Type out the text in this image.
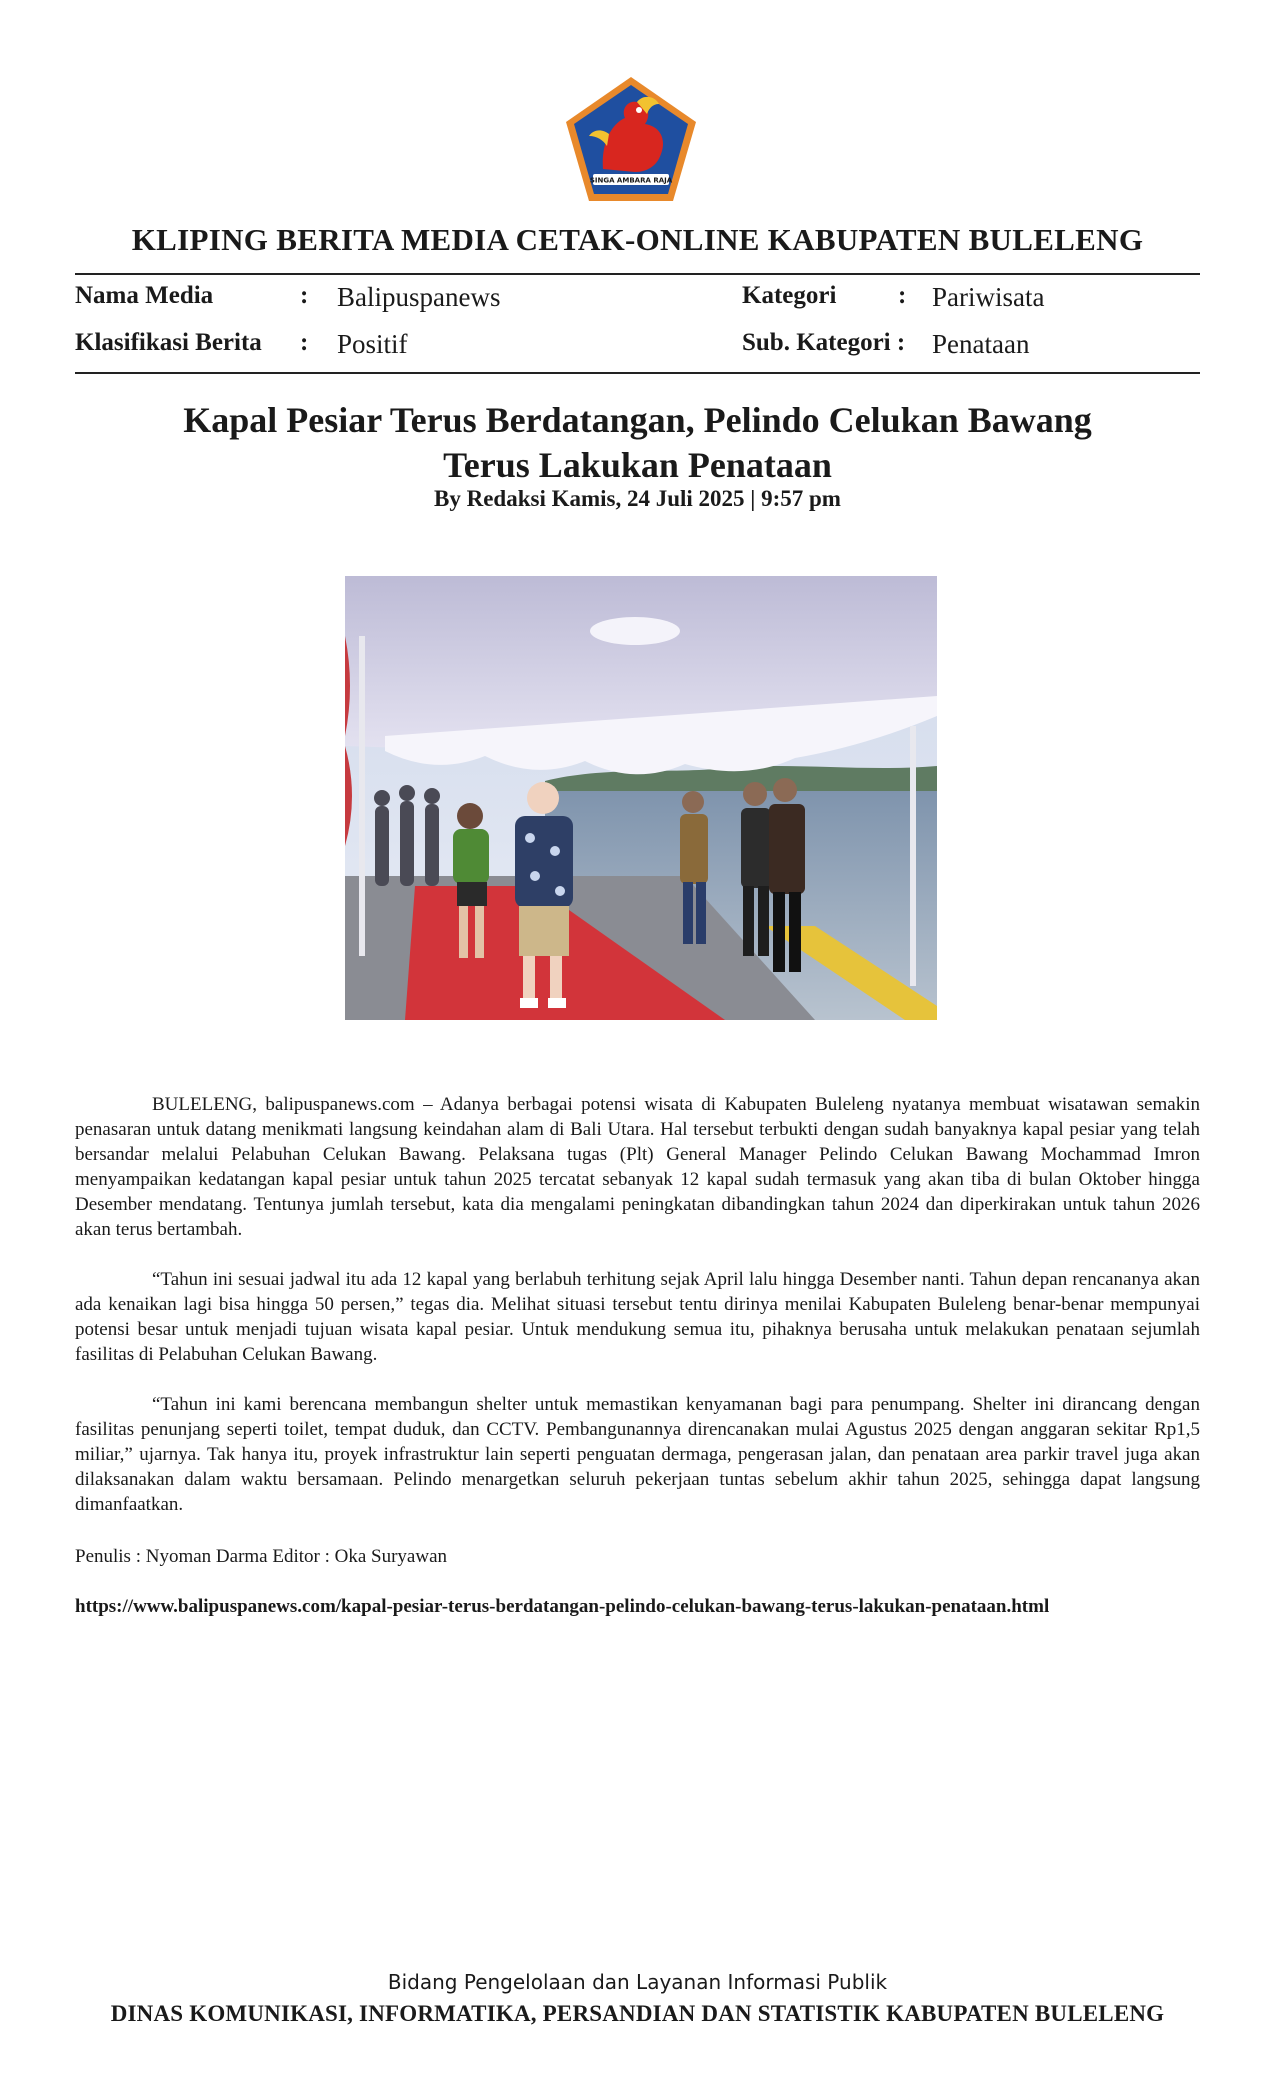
SINGA AMBARA RAJA
KLIPING BERITA MEDIA CETAK-ONLINE KABUPATEN BULELENG
Nama Media	: Balipuspanews	Kategori : Pariwisata
Klasifikasi Berita : Positif	Sub. Kategori : Penataan
Kapal Pesiar Terus Berdatangan, Pelindo Celukan Bawang
Terus Lakukan Penataan
By Redaksi Kamis, 24 Juli 2025 | 9:57 pm

BULELENG, balipuspanews.com – Adanya berbagai potensi wisata di Kabupaten Buleleng nyatanya membuat wisatawan semakin penasaran untuk datang menikmati langsung keindahan alam di Bali Utara. Hal tersebut terbukti dengan sudah banyaknya kapal pesiar yang telah bersandar melalui Pelabuhan Celukan Bawang. Pelaksana tugas (Plt) General Manager Pelindo Celukan Bawang Mochammad Imron menyampaikan kedatangan kapal pesiar untuk tahun 2025 tercatat sebanyak 12 kapal sudah termasuk yang akan tiba di bulan Oktober hingga Desember mendatang. Tentunya jumlah tersebut, kata dia mengalami peningkatan dibandingkan tahun 2024 dan diperkirakan untuk tahun 2026 akan terus bertambah.

“Tahun ini sesuai jadwal itu ada 12 kapal yang berlabuh terhitung sejak April lalu hingga Desember nanti. Tahun depan rencananya akan ada kenaikan lagi bisa hingga 50 persen,” tegas dia. Melihat situasi tersebut tentu dirinya menilai Kabupaten Buleleng benar-benar mempunyai potensi besar untuk menjadi tujuan wisata kapal pesiar. Untuk mendukung semua itu, pihaknya berusaha untuk melakukan penataan sejumlah fasilitas di Pelabuhan Celukan Bawang.

“Tahun ini kami berencana membangun shelter untuk memastikan kenyamanan bagi para penumpang. Shelter ini dirancang dengan fasilitas penunjang seperti toilet, tempat duduk, dan CCTV. Pembangunannya direncanakan mulai Agustus 2025 dengan anggaran sekitar Rp1,5 miliar,” ujarnya. Tak hanya itu, proyek infrastruktur lain seperti penguatan dermaga, pengerasan jalan, dan penataan area parkir travel juga akan dilaksanakan dalam waktu bersamaan. Pelindo menargetkan seluruh pekerjaan tuntas sebelum akhir tahun 2025, sehingga dapat langsung dimanfaatkan.

Penulis : Nyoman Darma Editor : Oka Suryawan
https://www.balipuspanews.com/kapal-pesiar-terus-berdatangan-pelindo-celukan-bawang-terus-lakukan-penataan.html
Bidang Pengelolaan dan Layanan Informasi Publik
DINAS KOMUNIKASI, INFORMATIKA, PERSANDIAN DAN STATISTIK KABUPATEN BULELENG
